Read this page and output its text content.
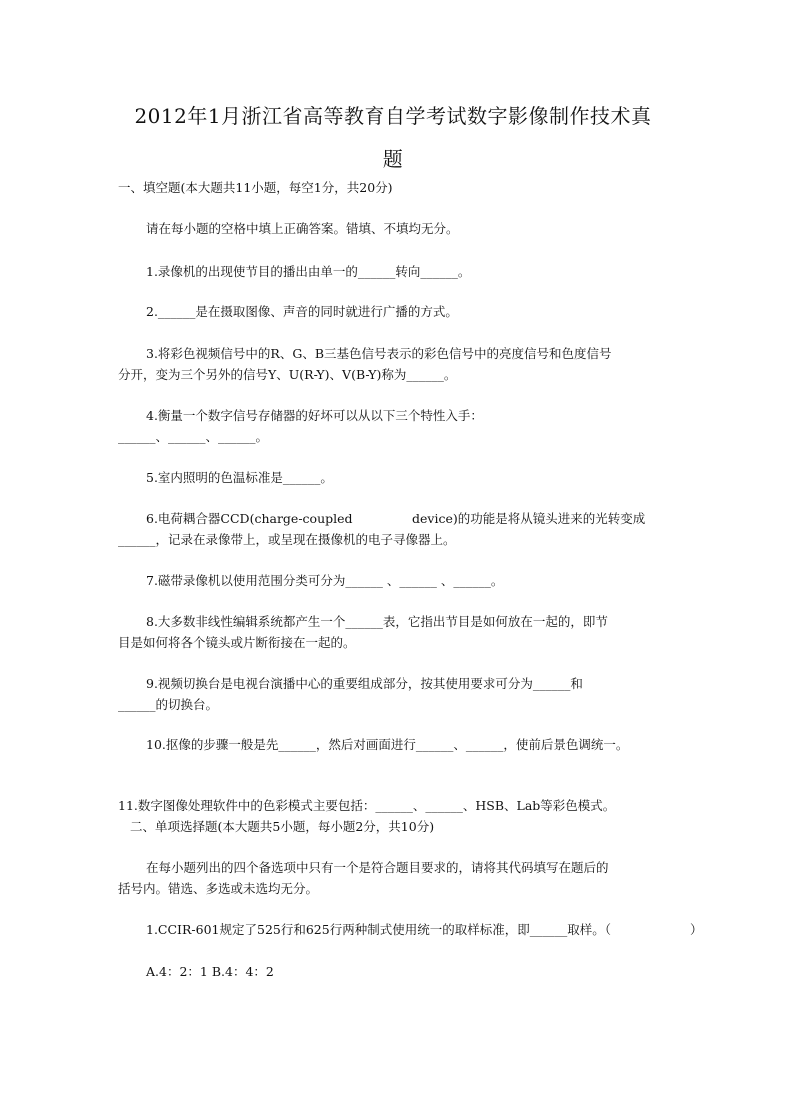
2012年1月浙江省高等教育自学考试数字影像制作技术真
题
一、填空题(本大题共11小题，每空1分，共20分)
请在每小题的空格中填上正确答案。错填、不填均无分。
1.录像机的出现使节目的播出由单一的______转向______。
2.______是在摄取图像、声音的同时就进行广播的方式。
3.将彩色视频信号中的R、G、B三基色信号表示的彩色信号中的亮度信号和色度信号
分开，变为三个另外的信号Y、U(R-Y)、V(B-Y)称为______。
4.衡量一个数字信号存储器的好坏可以从以下三个特性入手：
______、______、______。
5.室内照明的色温标准是______。
6.电荷耦合器CCD(charge-coupled	device)的功能是将从镜头进来的光转变成
______，记录在录像带上，或呈现在摄像机的电子寻像器上。
7.磁带录像机以使用范围分类可分为______ 、______ 、______。
8.大多数非线性编辑系统都产生一个______表，它指出节目是如何放在一起的，即节
目是如何将各个镜头或片断衔接在一起的。
9.视频切换台是电视台演播中心的重要组成部分，按其使用要求可分为______和
______的切换台。
10.抠像的步骤一般是先______，然后对画面进行______、______，使前后景色调统一。
11.数字图像处理软件中的色彩模式主要包括：______、______、HSB、Lab等彩色模式。
二、单项选择题(本大题共5小题，每小题2分，共10分)
在每小题列出的四个备选项中只有一个是符合题目要求的，请将其代码填写在题后的
括号内。错选、多选或未选均无分。
1.CCIR-601规定了525行和625行两种制式使用统一的取样标准，即______取样。（	）
A.4：2：1 B.4：4：2
